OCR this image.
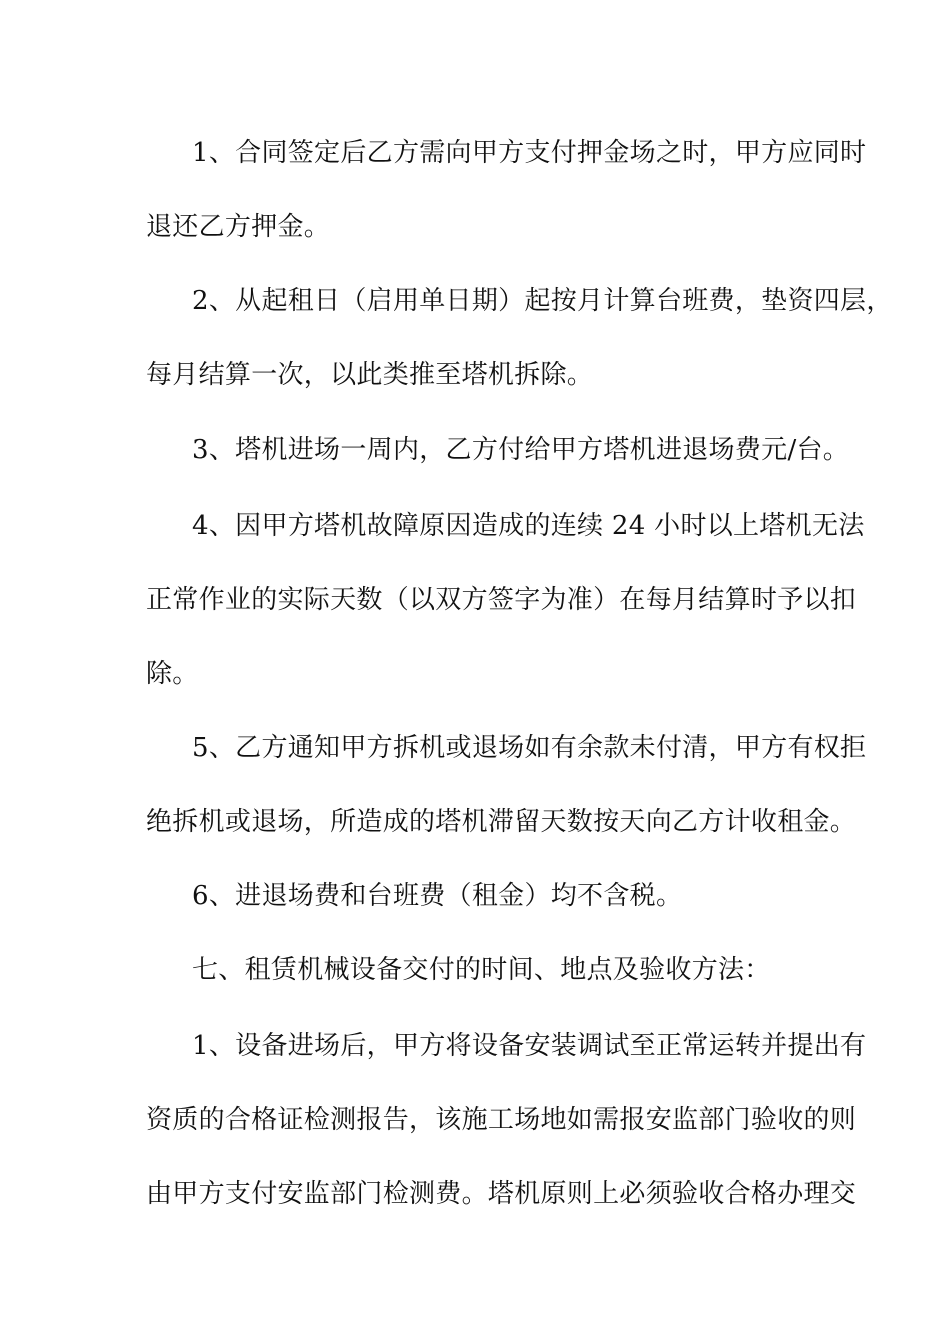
1、合同签定后乙方需向甲方支付押金场之时，甲方应同时
退还乙方押金。
2、从起租日（启用单日期）起按月计算台班费，垫资四层，
每月结算一次，以此类推至塔机拆除。
3、塔机进场一周内，乙方付给甲方塔机进退场费元/台。
4、因甲方塔机故障原因造成的连续 24 小时以上塔机无法
正常作业的实际天数（以双方签字为准）在每月结算时予以扣
除。
5、乙方通知甲方拆机或退场如有余款未付清，甲方有权拒
绝拆机或退场，所造成的塔机滞留天数按天向乙方计收租金。
6、进退场费和台班费（租金）均不含税。
七、租赁机械设备交付的时间、地点及验收方法：
1、设备进场后，甲方将设备安装调试至正常运转并提出有
资质的合格证检测报告，该施工场地如需报安监部门验收的则
由甲方支付安监部门检测费。塔机原则上必须验收合格办理交
